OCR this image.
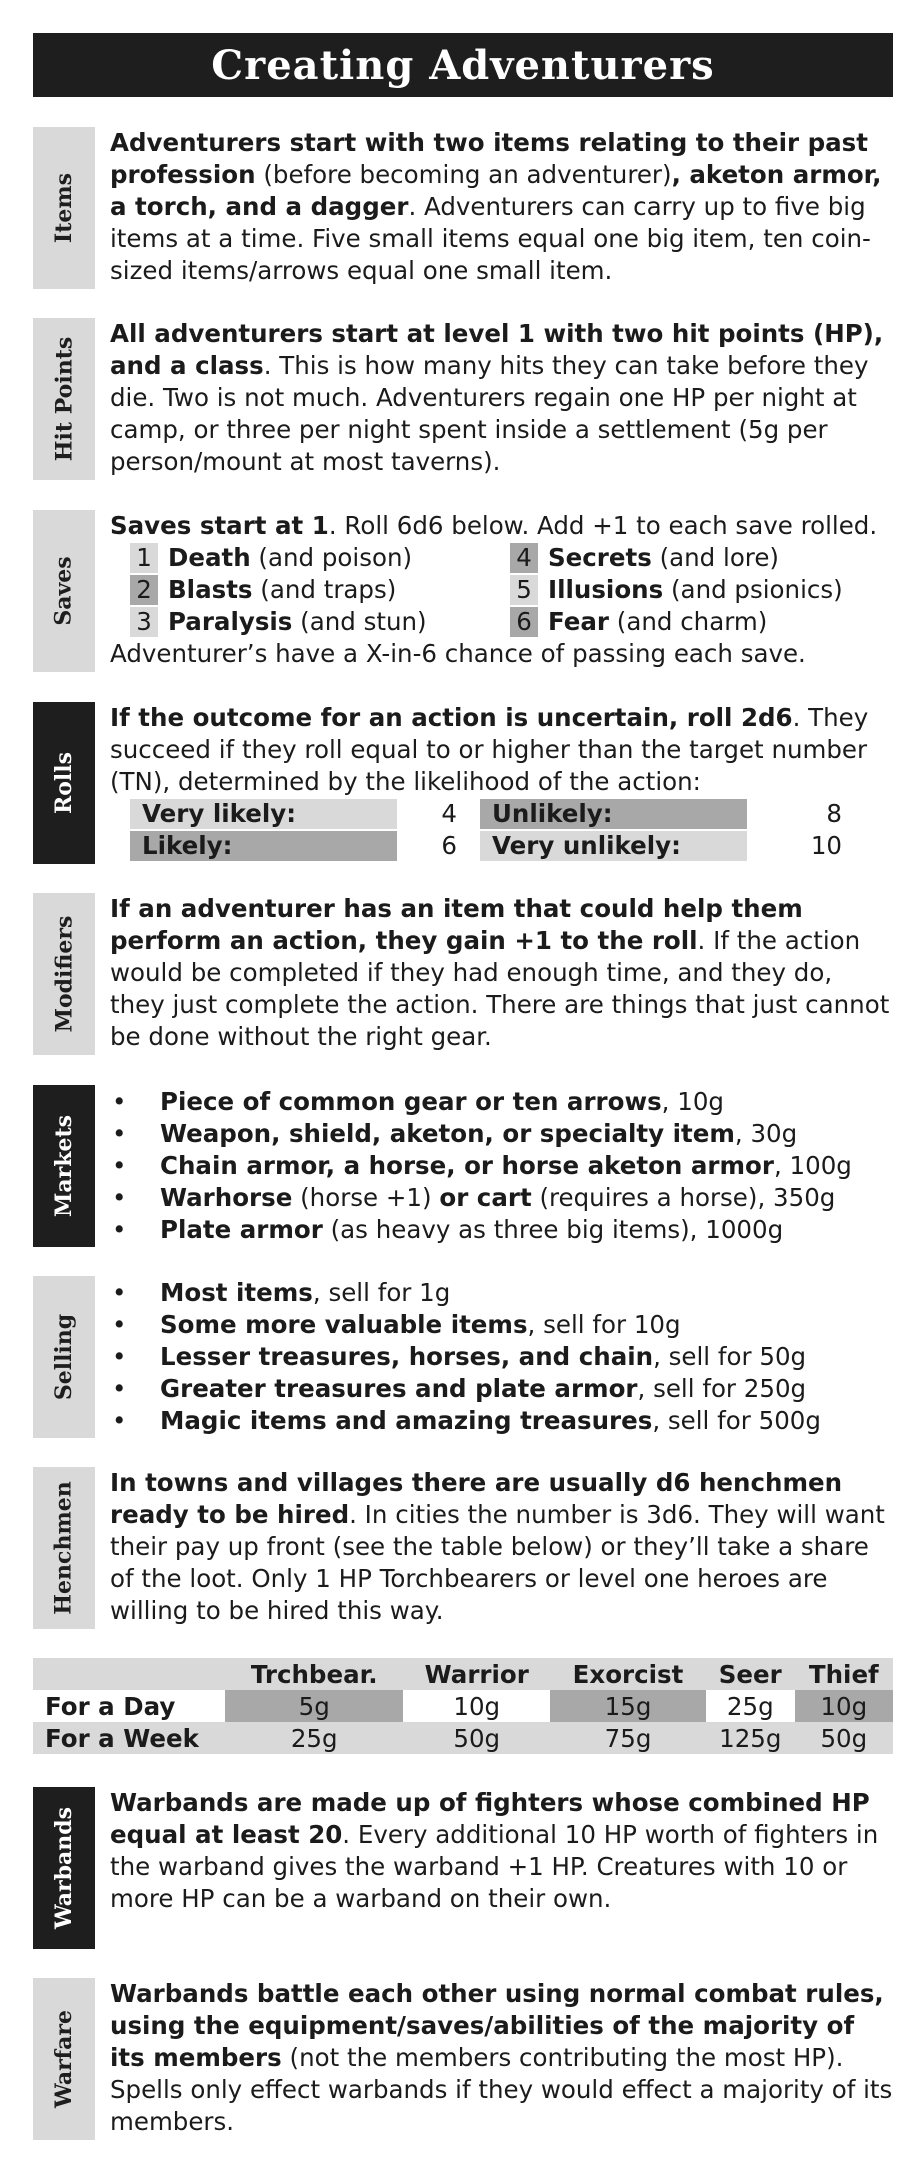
Creating Adventurers
Items
Adventurers start with two items relating to their past profession (before becoming an adventurer), aketon armor, a torch, and a dagger. Adventurers can carry up to five big items at a time. Five small items equal one big item, ten coin-sized items/arrows equal one small item.
Hit Points
All adventurers start at level 1 with two hit points (HP), and a class. This is how many hits they can take before they die. Two is not much. Adventurers regain one HP per night at camp, or three per night spent inside a settlement (5g per person/mount at most taverns).
Saves
Saves start at 1. Roll 6d6 below. Add +1 to each save rolled.
1 Death (and poison)	4 Secrets (and lore)
2 Blasts (and traps)	5 Illusions (and psionics)
3 Paralysis (and stun)	6 Fear (and charm)
Adventurer’s have a X-in-6 chance of passing each save.
Rolls
If the outcome for an action is uncertain, roll 2d6. They succeed if they roll equal to or higher than the target number (TN), determined by the likelihood of the action:
Very likely:	4	Unlikely:	8
Likely:	6	Very unlikely:	10
Modifiers
If an adventurer has an item that could help them perform an action, they gain +1 to the roll. If the action would be completed if they had enough time, and they do, they just complete the action. There are things that just cannot be done without the right gear.
Markets
• Piece of common gear or ten arrows, 10g
• Weapon, shield, aketon, or specialty item, 30g
• Chain armor, a horse, or horse aketon armor, 100g
• Warhorse (horse +1) or cart (requires a horse), 350g
• Plate armor (as heavy as three big items), 1000g
Selling
• Most items, sell for 1g
• Some more valuable items, sell for 10g
• Lesser treasures, horses, and chain, sell for 50g
• Greater treasures and plate armor, sell for 250g
• Magic items and amazing treasures, sell for 500g
Henchmen In towns and villages there are usually d6 henchmen ready to be hired. In cities the number is 3d6. They will want their pay up front (see the table below) or they’ll take a share of the loot. Only 1 HP Torchbearers or level one heroes are willing to be hired this way.
	Trchbear.	Warrior	Exorcist	Seer	Thief
For a Day	5g	10g	15g	25g	10g
For a Week	25g	50g	75g	125g	50g
Warbands
Warbands are made up of fighters whose combined HP equal at least 20. Every additional 10 HP worth of fighters in the warband gives the warband +1 HP. Creatures with 10 or more HP can be a warband on their own.
Warfare
Warbands battle each other using normal combat rules, using the equipment/saves/abilities of the majority of its members (not the members contributing the most HP). Spells only effect warbands if they would effect a majority of its members.
